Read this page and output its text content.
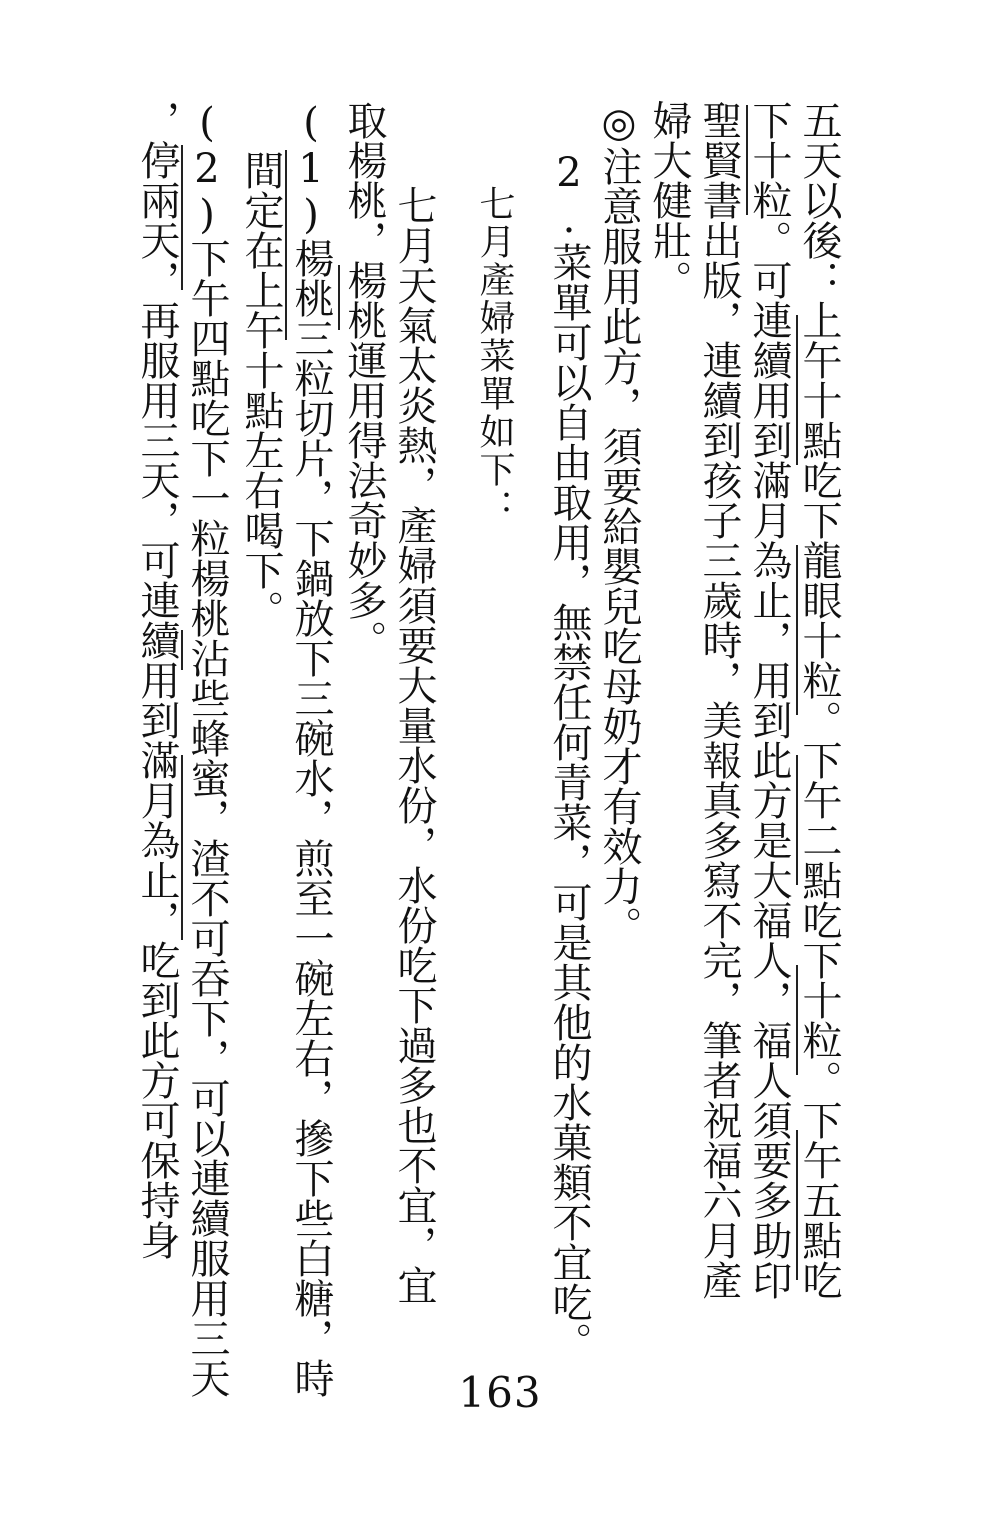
五天以後：上午十點吃下龍眼十粒。下午二點吃下十粒。下午五點吃
下十粒。可連續用到滿月為止，用到此方是大福人，福人須要多助印
聖賢書出版，連續到孩子三歲時，美報真多寫不完，筆者祝福六月產
婦大健壯。
◎注意服用此方，須要給嬰兒吃母奶才有效力。
2.菜單可以自由取用，無禁任何青菜，可是其他的水菓類不宜吃。
七月產婦菜單如下：
七月天氣太炎熱，產婦須要大量水份，水份吃下過多也不宜，宜
取楊桃，楊桃運用得法奇妙多。
(1)楊桃三粒切片，下鍋放下三碗水，煎至一碗左右，摻下些白糖，時
間定在上午十點左右喝下。
(2)下午四點吃下一粒楊桃沾些蜂蜜，渣不可吞下，可以連續服用三天
，停兩天，再服用三天，可連續用到滿月為止，吃到此方可保持身
163
